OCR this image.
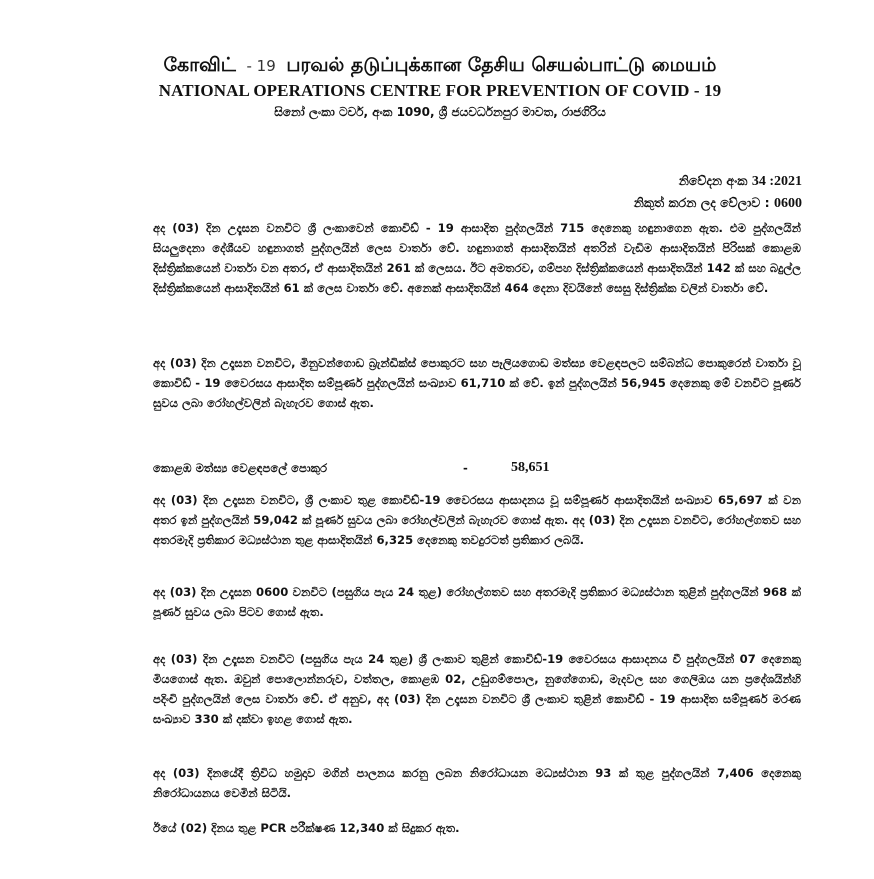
கோவிட் - 19 பரவல் தடுப்புக்கான தேசிய செயல்பாட்டு மையம்
NATIONAL OPERATIONS CENTRE FOR PREVENTION OF COVID - 19
සිනෝ ලංකා ටවර්, අංක 1090, ශ්‍රී ජයවර්ධනපුර මාවත, රාජගිරිය
නිවේදන අංක 34 :2021
නිකුත් කරන ලද වේලාව : 0600
අද (03) දින උදෑසන වනවිට ශ්‍රී ලංකාවෙන් කොවිඩ් - 19 ආසාදිත පුද්ගලයින් 715 දෙනෙකු හඳුනාගෙන ඇත. එම පුද්ගලයින් සියලුදෙනා දේශීයව හඳුනාගත් පුද්ගලයින් ලෙස වාර්තා වේ. හඳුනාගත් ආසාදිතයින් අතරින් වැඩිම ආසාදිතයින් පිරිසක් කොළඹ දිස්ත්‍රික්කයෙන් වාර්තා වන අතර, ඒ ආසාදිතයින් 261 ක් ලෙසය. ඊට අමතරව, ගම්පහ දිස්ත්‍රික්කයෙන් ආසාදිතයින් 142 ක් සහ බදුල්ල දිස්ත්‍රික්කයෙන් ආසාදිතයින් 61 ක් ලෙස වාර්තා වේ. අනෙක් ආසාදිතයින් 464 දෙනා දිවයිනේ සෙසු දිස්ත්‍රික්ක වලින් වාර්තා වේ.
අද (03) දින උදෑසන වනවිට, මිනුවන්ගොඩ බ්‍රැන්ඩික්ස් පොකුරට සහ පෑලියගොඩ මත්ස්‍ය වෙළඳපලට සම්බන්ධ පොකුරෙන් වාර්තා වූ කොවිඩ් - 19 වෛරසය ආසාදිත සම්පූර්ණ පුද්ගලයින් සංඛ්‍යාව 61,710 ක් වේ. ඉන් පුද්ගලයින් 56,945 දෙනෙකු මේ වනවිට පූර්ණ සුවය ලබා රෝහල්වලින් බැහැරව ගොස් ඇත.
කොළඹ මත්ස්‍ය වෙළඳපලේ පොකුර	-	58,651
අද (03) දින උදෑසන වනවිට, ශ්‍රී ලංකාව තුළ කොවිඩ්-19 වෛරසය ආසාදනය වූ සම්පූර්ණ ආසාදිතයින් සංඛ්‍යාව 65,697 ක් වන අතර ඉන් පුද්ගලයින් 59,042 ක් පූර්ණ සුවය ලබා රෝහල්වලින් බැහැරව ගොස් ඇත. අද (03) දින උදෑසන වනවිට, රෝහල්ගතව සහ අතරමැදි ප්‍රතිකාර මධ්‍යස්ථාන තුළ ආසාදිතයින් 6,325 දෙනෙකු තවදුරටත් ප්‍රතිකාර ලබයි.
අද (03) දින උදෑසන 0600 වනවිට (පසුගිය පැය 24 තුළ) රෝහල්ගතව සහ අතරමැදි ප්‍රතිකාර මධ්‍යස්ථාන තුළින් පුද්ගලයින් 968 ක් පූර්ණ සුවය ලබා පිටව ගොස් ඇත.
අද (03) දින උදෑසන වනවිට (පසුගිය පැය 24 තුළ) ශ්‍රී ලංකාව තුළින් කොවිඩ්-19 වෛරසය ආසාදනය වී පුද්ගලයින් 07 දෙනෙකු මියගොස් ඇත. ඔවුන් පොලොන්නරුව, වත්තල, කොළඹ 02, උඩුගම්පොල, නුගේගොඩ, මැදවල සහ ගෙලිඔය යන ප්‍රදේශයින්හි පදිංචි පුද්ගලයින් ලෙස වාර්තා වේ. ඒ අනුව, අද (03) දින උදෑසන වනවිට ශ්‍රී ලංකාව තුළින් කොවිඩ් - 19 ආසාදිත සම්පූර්ණ මරණ සංඛ්‍යාව 330 ක් දක්වා ඉහළ ගොස් ඇත.
අද (03) දිනයේදී ත්‍රිවිධ හමුදාව මගින් පාලනය කරනු ලබන නිරෝධායන මධ්‍යස්ථාන 93 ක් තුළ පුද්ගලයින් 7,406 දෙනෙකු නිරෝධායනය වෙමින් සිටියි.
ඊයේ (02) දිනය තුළ PCR පරීක්ෂණ 12,340 ක් සිදුකර ඇත.
